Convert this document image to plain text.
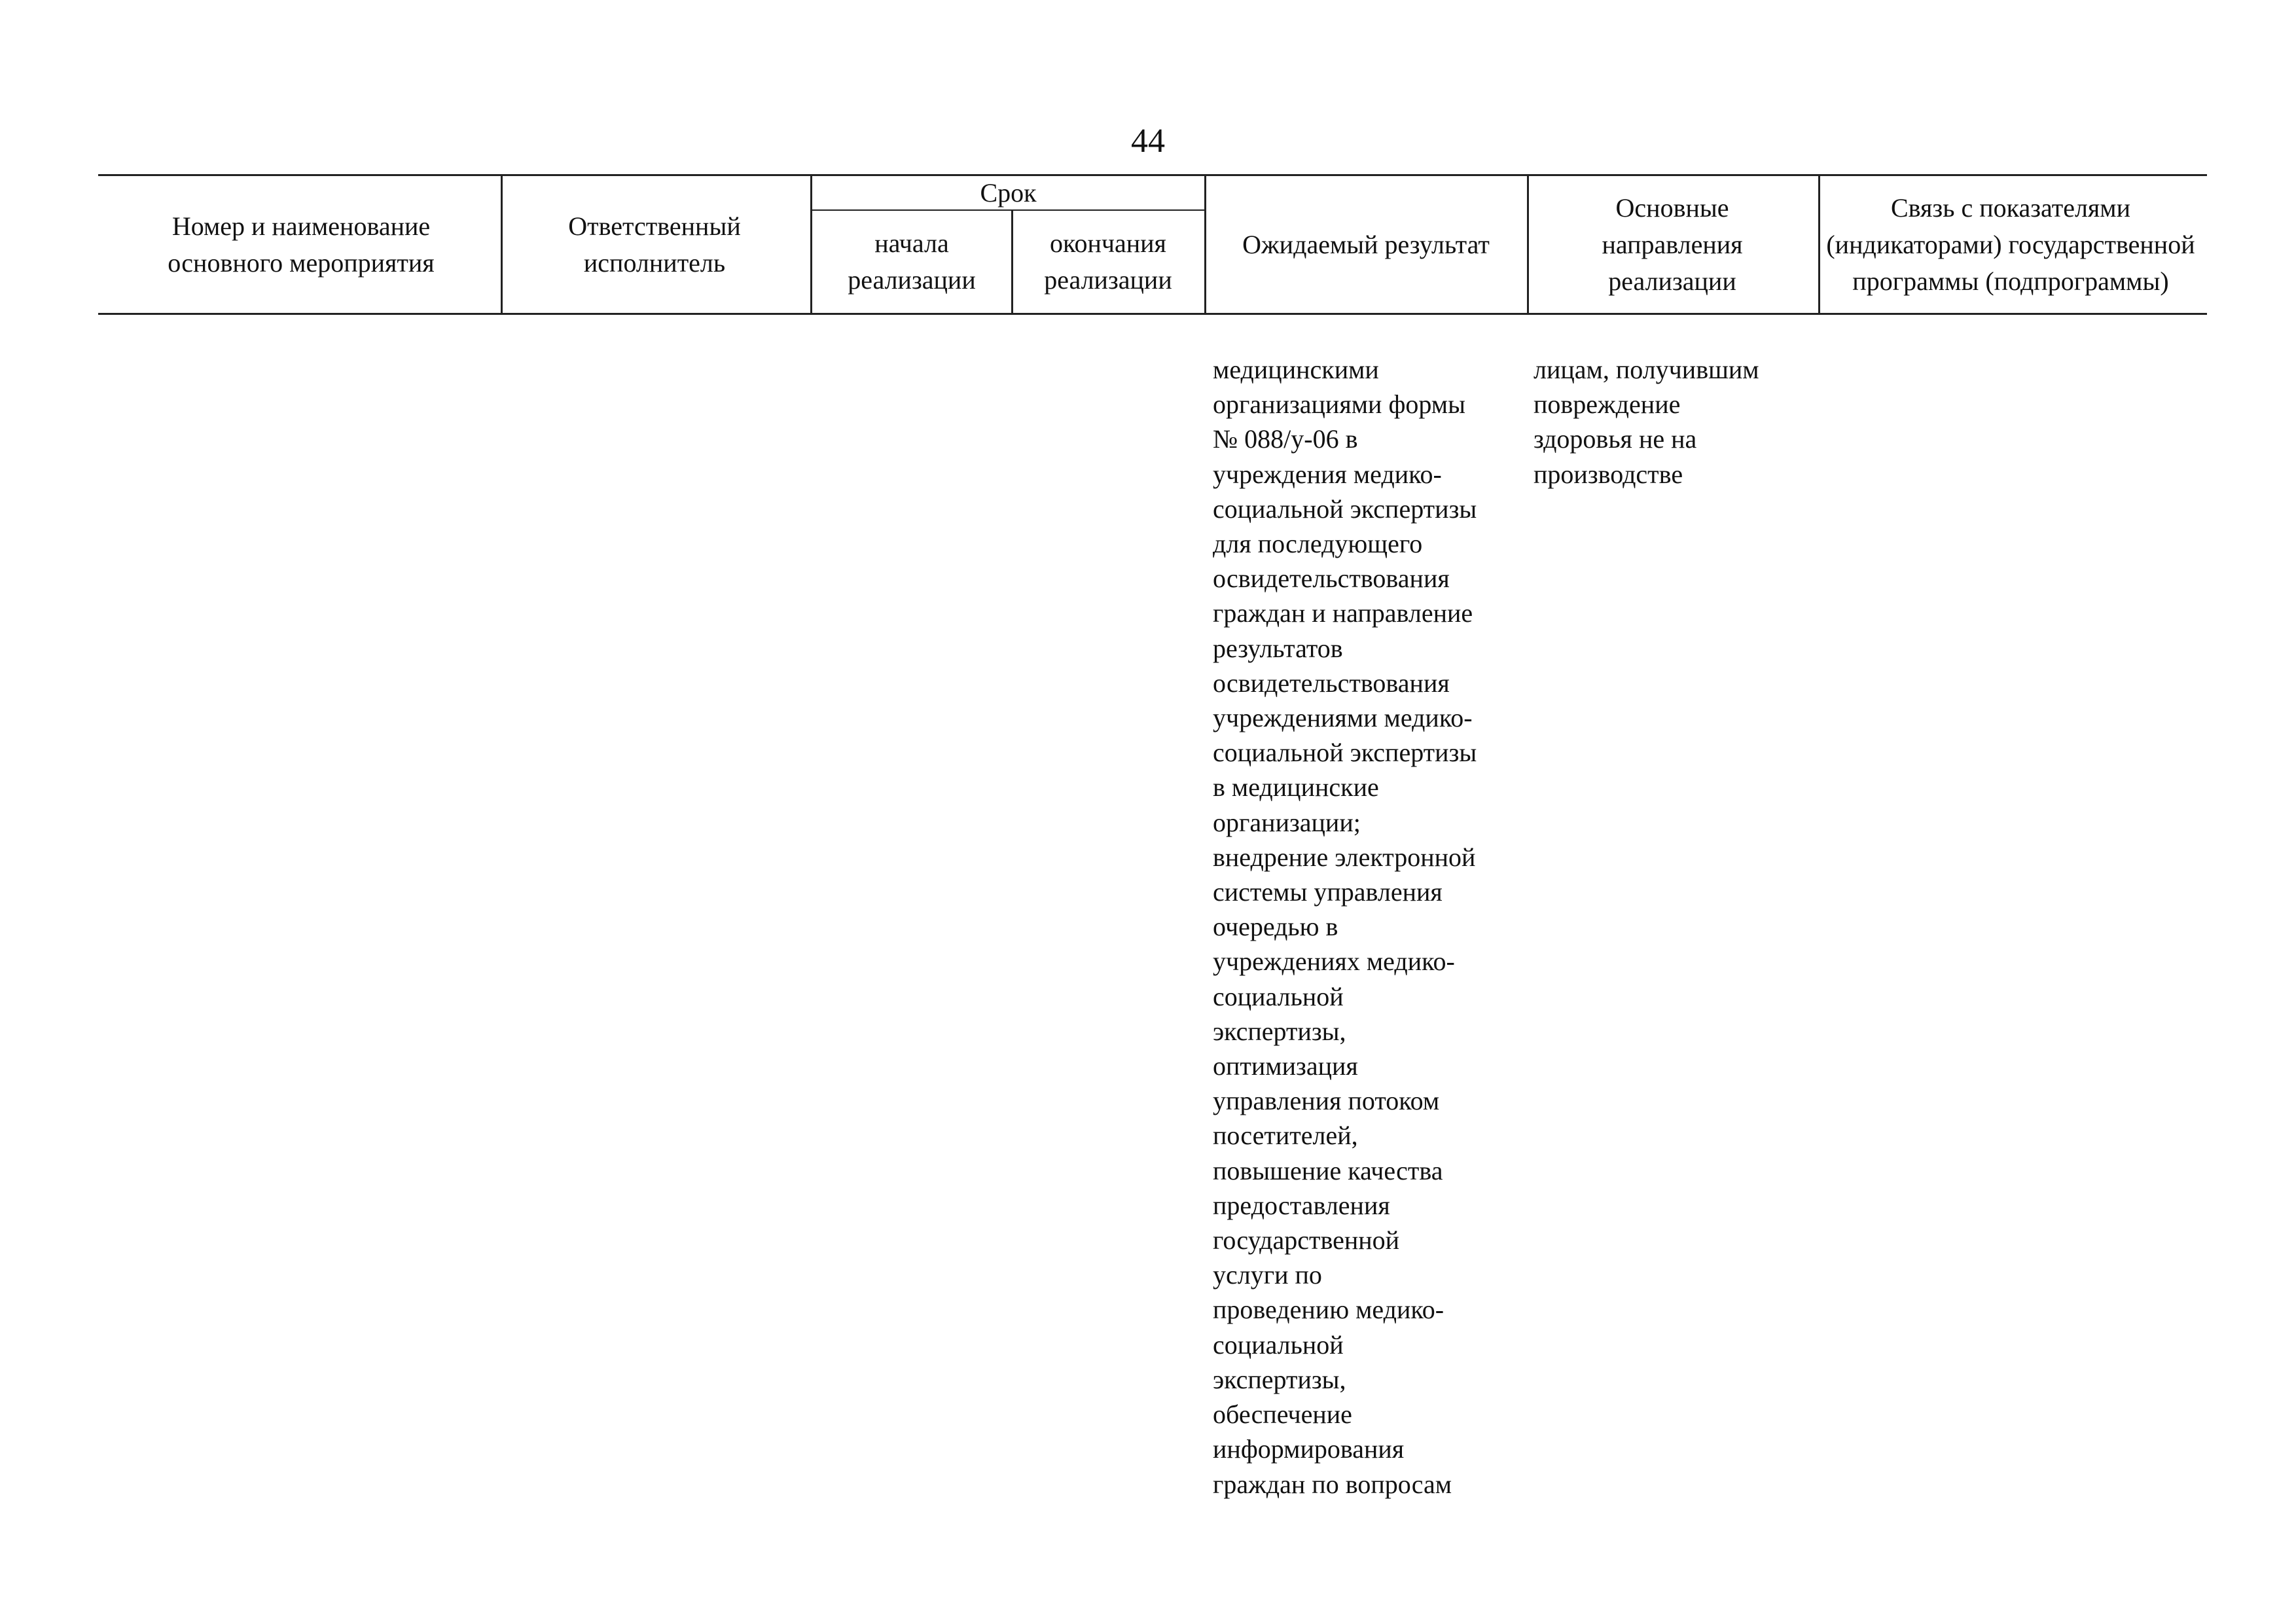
44
Номер и наименование основного мероприятия
Ответственный исполнитель
Срок
начала реализации
окончания реализации
Ожидаемый результат
Основные направления реализации
Связь с показателями (индикаторами) государственной программы (подпрограммы)
медицинскими
организациями формы
№ 088/у-06 в
учреждения медико-
социальной экспертизы
для последующего
освидетельствования
граждан и направление
результатов
освидетельствования
учреждениями медико-
социальной экспертизы
в медицинские
организации;
внедрение электронной
системы управления
очередью в
учреждениях медико-
социальной
экспертизы,
оптимизация
управления потоком
посетителей,
повышение качества
предоставления
государственной
услуги по
проведению медико-
социальной
экспертизы,
обеспечение
информирования
граждан по вопросам
лицам, получившим
повреждение
здоровья не на
производстве
